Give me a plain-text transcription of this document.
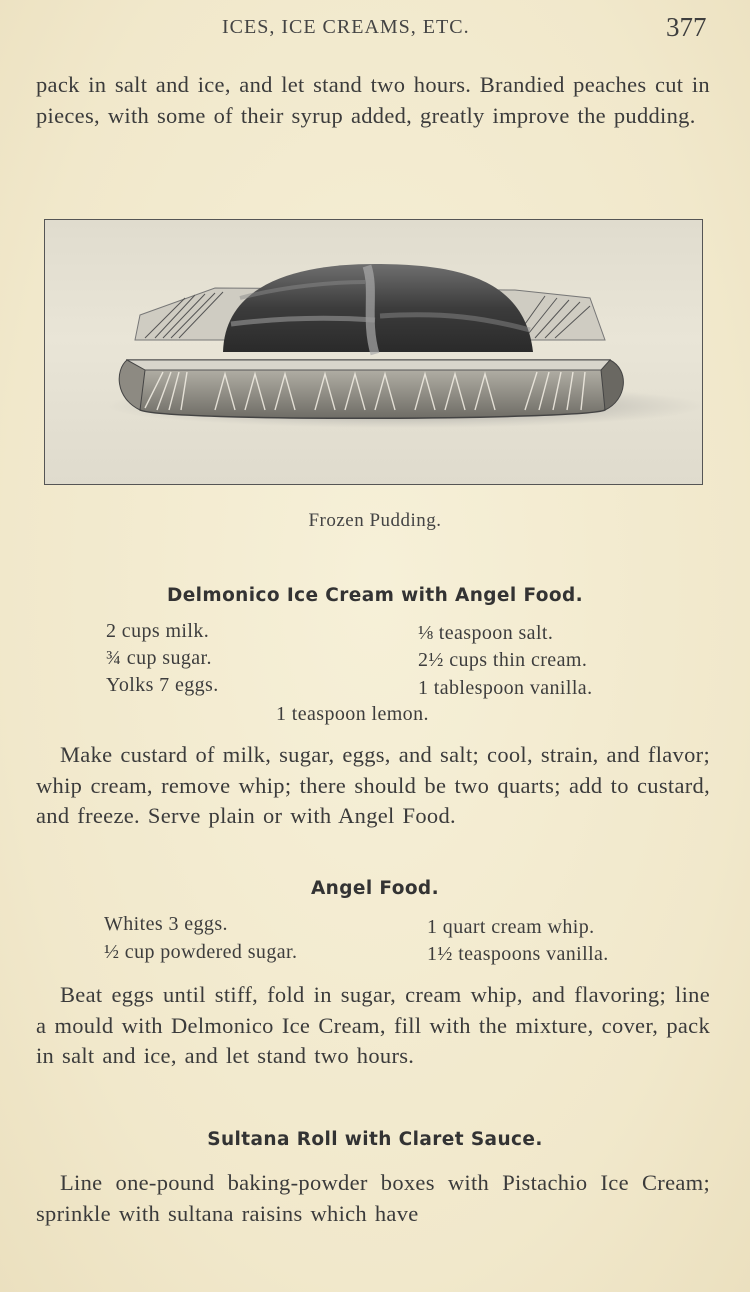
ICES, ICE CREAMS, ETC.	377
pack in salt and ice, and let stand two hours. Brandied peaches cut in pieces, with some of their syrup added, greatly improve the pudding.
Frozen Pudding.
Delmonico Ice Cream with Angel Food.
2 cups milk.
¾ cup sugar.
Yolks 7 eggs.
⅛ teaspoon salt.
2½ cups thin cream.
1 tablespoon vanilla.
1 teaspoon lemon.
Make custard of milk, sugar, eggs, and salt; cool, strain, and flavor; whip cream, remove whip; there should be two quarts; add to custard, and freeze. Serve plain or with Angel Food.
Angel Food.
Whites 3 eggs.
½ cup powdered sugar.
1 quart cream whip.
1½ teaspoons vanilla.
Beat eggs until stiff, fold in sugar, cream whip, and flavoring; line a mould with Delmonico Ice Cream, fill with the mixture, cover, pack in salt and ice, and let stand two hours.
Sultana Roll with Claret Sauce.
Line one-pound baking-powder boxes with Pistachio Ice Cream; sprinkle with sultana raisins which have
